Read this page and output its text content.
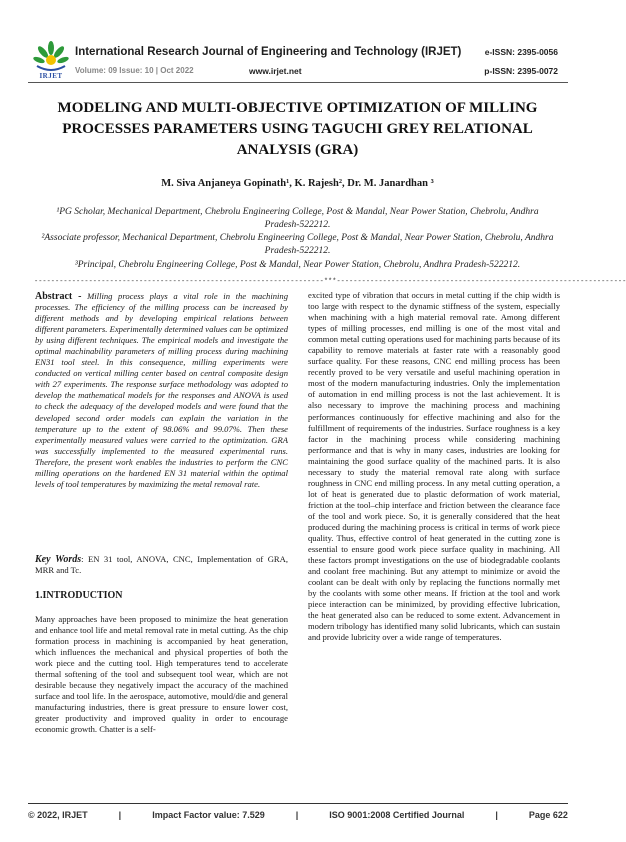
IRJET
International Research Journal of Engineering and Technology (IRJET)
Volume: 09 Issue: 10 | Oct 2022	www.irjet.net
e-ISSN: 2395-0056
p-ISSN: 2395-0072
MODELING AND MULTI-OBJECTIVE OPTIMIZATION OF MILLING PROCESSES PARAMETERS USING TAGUCHI GREY RELATIONAL ANALYSIS (GRA)
M. Siva Anjaneya Gopinath¹, K. Rajesh², Dr. M. Janardhan ³
¹PG Scholar, Mechanical Department, Chebrolu Engineering College, Post & Mandal, Near Power Station, Chebrolu, Andhra Pradesh-522212.
²Associate professor, Mechanical Department, Chebrolu Engineering College, Post & Mandal, Near Power Station, Chebrolu, Andhra Pradesh-522212.
³Principal, Chebrolu Engineering College, Post & Mandal, Near Power Station, Chebrolu, Andhra Pradesh-522212.
---------------------------------------------------------------------***---------------------------------------------------------------------
Abstract - Milling process plays a vital role in the machining processes. The efficiency of the milling process can be increased by different methods and by developing empirical relations between different parameters. Experimentally determined values can be optimized by using different techniques. The empirical models and investigate the optimal machinability parameters of milling process during machining EN31 tool steel. In this consequence, milling experiments were conducted on vertical milling center based on central composite design with 27 experiments. The response surface methodology was adopted to develop the mathematical models for the responses and ANOVA is used to check the adequacy of the developed models and were found that the developed second order models can explain the variation in the temperature up to the extent of 98.06% and 99.07%. Then these experimentally measured values were carried to the optimization. GRA was successfully implemented to the measured experimental runs. Therefore, the present work enables the industries to perform the CNC milling operations on the hardened EN 31 material within the optimal levels of tool temperatures by maximizing the metal removal rate.
Key Words: EN 31 tool, ANOVA, CNC, Implementation of GRA, MRR and Tc.
1.INTRODUCTION
Many approaches have been proposed to minimize the heat generation and enhance tool life and metal removal rate in metal cutting. As the chip formation process in machining is accompanied by heat generation, which influences the mechanical and physical properties of both the work piece and the cutting tool. High temperatures tend to accelerate thermal softening of the tool and subsequent tool wear, which are not desirable because they negatively impact the accuracy of the machined surface and tool life. In the aerospace, automotive, mould/die and general manufacturing industries, there is great pressure to ensure lower cost, greater productivity and improved quality in order to encourage economic growth. Chatter is a self-
excited type of vibration that occurs in metal cutting if the chip width is too large with respect to the dynamic stiffness of the system, especially when machining with a high material removal rate. Among different types of milling processes, end milling is one of the most vital and common metal cutting operations used for machining parts because of its capability to remove materials at faster rate with a reasonably good surface quality. For these reasons, CNC end milling process has been recently proved to be very versatile and useful machining operation in most of the modern manufacturing industries. Only the implementation of automation in end milling process is not the last achievement. It is also necessary to improve the machining process and machining performances continuously for effective machining and also for the fulfillment of requirements of the industries. Surface roughness is a key factor in the machining process while considering machining performance and that is why in many cases, industries are looking for maintaining the good surface quality of the machined parts. It is also necessary to study the material removal rate along with surface roughness in CNC end milling process. In any metal cutting operation, a lot of heat is generated due to plastic deformation of work material, friction at the tool–chip interface and friction between the clearance face of the tool and work piece. So, it is generally considered that the heat produced during the machining process is critical in terms of work piece quality. Thus, effective control of heat generated in the cutting zone is essential to ensure good work piece surface quality in machining. All these factors prompt investigations on the use of biodegradable coolants and coolant free machining. But any attempt to minimize or avoid the coolant can be dealt with only by replacing the functions normally met by the coolants with some other means. If friction at the tool and work piece interaction can be minimized, by providing effective lubrication, the heat generated also can be reduced to some extent. Advancement in modern tribology has identified many solid lubricants, which can sustain and provide lubricity over a wide range of temperatures.
© 2022, IRJET	|	Impact Factor value: 7.529	|	ISO 9001:2008 Certified Journal	|	Page 622
